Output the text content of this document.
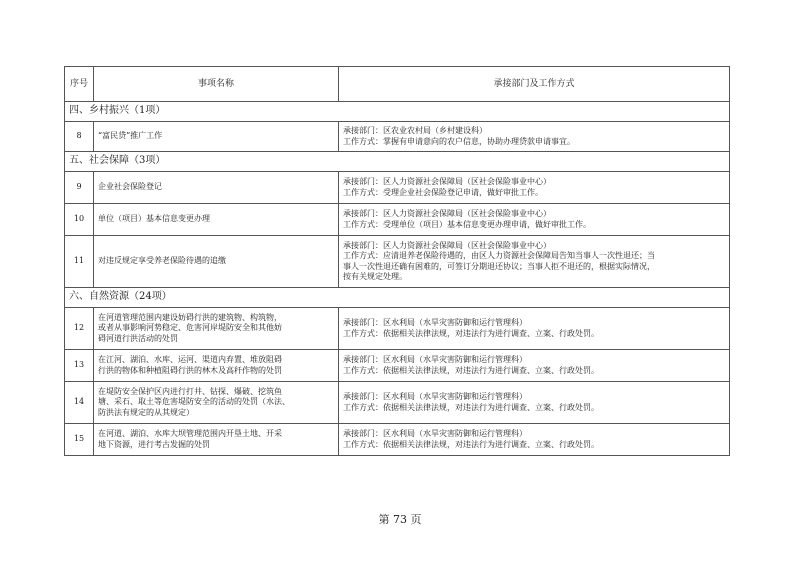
序号	事项名称	承接部门及工作方式
四、乡村振兴（1项）		
8	“富民贷”推广工作	承接部门：区农业农村局（乡村建设科）
工作方式：掌握有申请意向的农户信息，协助办理贷款申请事宜。

五、社会保障（3项）		
9	企业社会保险登记	承接部门：区人力资源社会保障局（区社会保险事业中心）
工作方式：受理企业社会保险登记申请，做好审批工作。

10	单位（项目）基本信息变更办理	承接部门：区人力资源社会保障局（区社会保险事业中心）
工作方式：受理单位（项目）基本信息变更办理申请，做好审批工作。

11	对违反规定享受养老保险待遇的追缴	承接部门：区人力资源社会保障局（区社会保险事业中心）
工作方式：应清退养老保险待遇的，由区人力资源社会保障局告知当事人一次性退还；当
事人一次性退还确有困难的，可签订分期退还协议；当事人拒不退还的，根据实际情况，
按有关规定处理。

六、自然资源（24项）		
12	在河道管理范围内建设妨碍行洪的建筑物、构筑物，
或者从事影响河势稳定、危害河岸堤防安全和其他妨
碍河道行洪活动的处罚	承接部门：区水利局（水旱灾害防御和运行管理科）
工作方式：依据相关法律法规，对违法行为进行调查、立案、行政处罚。

13	在江河、湖泊、水库、运河、渠道内弃置、堆放阻碍
行洪的物体和种植阻碍行洪的林木及高秆作物的处罚	承接部门：区水利局（水旱灾害防御和运行管理科）
工作方式：依据相关法律法规，对违法行为进行调查、立案、行政处罚。

14	在堤防安全保护区内进行打井、钻探、爆破、挖筑鱼
塘、采石、取土等危害堤防安全的活动的处罚（水法、
防洪法有规定的从其规定）	承接部门：区水利局（水旱灾害防御和运行管理科）
工作方式：依据相关法律法规，对违法行为进行调查、立案、行政处罚。

15	在河道、湖泊、水库大坝管理范围内开垦土地、开采
地下资源，进行考古发掘的处罚	承接部门：区水利局（水旱灾害防御和运行管理科）
工作方式：依据相关法律法规，对违法行为进行调查、立案、行政处罚。
第 73 页
